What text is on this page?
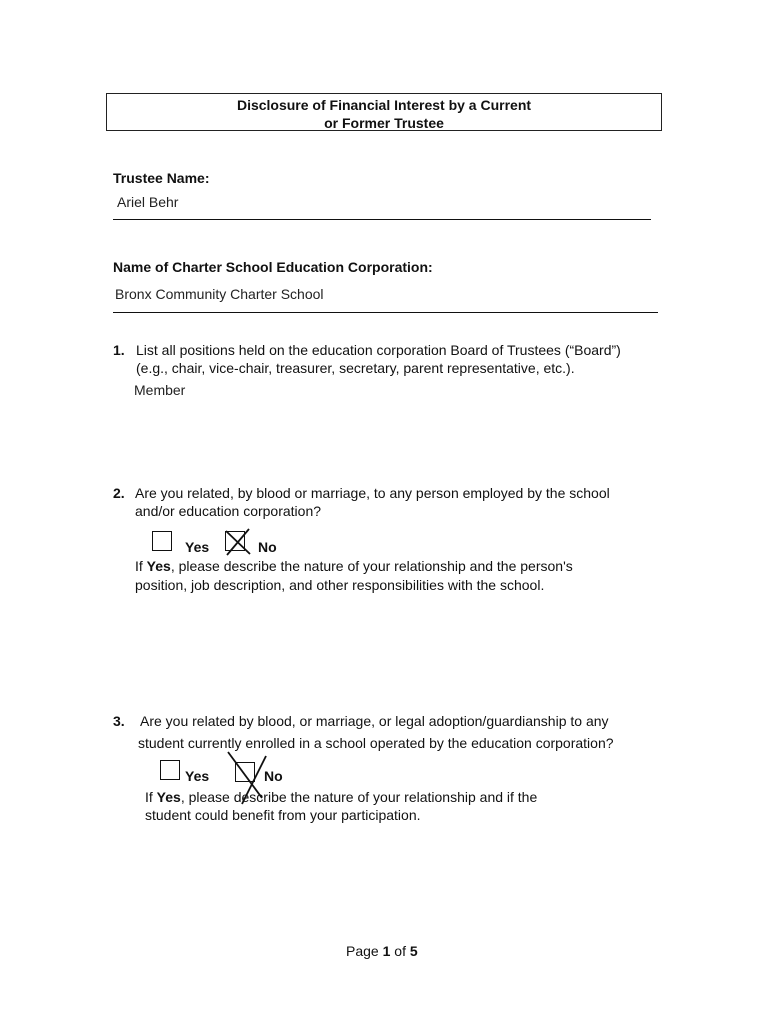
Disclosure of Financial Interest by a Current
or Former Trustee
Trustee Name:
Ariel Behr
Name of Charter School Education Corporation:
Bronx Community Charter School
1. List all positions held on the education corporation Board of Trustees (“Board”)
(e.g., chair, vice-chair, treasurer, secretary, parent representative, etc.).
Member
2. Are you related, by blood or marriage, to any person employed by the school
and/or education corporation?
Yes	No
If Yes, please describe the nature of your relationship and the person's
position, job description, and other responsibilities with the school.
3. Are you related by blood, or marriage, or legal adoption/guardianship to any
student currently enrolled in a school operated by the education corporation?
Yes	No
If Yes, please describe the nature of your relationship and if the
student could benefit from your participation.
Page 1 of 5
